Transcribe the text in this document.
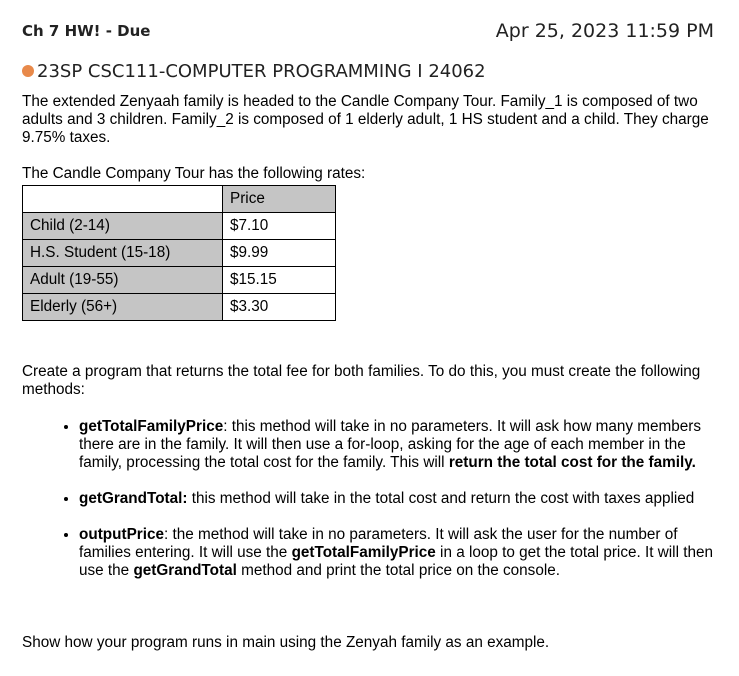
Ch 7 HW! - Due	Apr 25, 2023 11:59 PM
23SP CSC111-COMPUTER PROGRAMMING I 24062

The extended Zenyaah family is headed to the Candle Company Tour. Family_1 is composed of two adults and 3 children. Family_2 is composed of 1 elderly adult, 1 HS student and a child. They charge 9.75% taxes.

The Candle Company Tour has the following rates:

	Price
Child (2-14)	$7.10
H.S. Student (15-18)	$9.99
Adult (19-55)	$15.15
Elderly (56+)	$3.30

Create a program that returns the total fee for both families. To do this, you must create the following methods:

• getTotalFamilyPrice: this method will take in no parameters. It will ask how many members there are in the family. It will then use a for-loop, asking for the age of each member in the family, processing the total cost for the family. This will return the total cost for the family.
• getGrandTotal: this method will take in the total cost and return the cost with taxes applied
• outputPrice: the method will take in no parameters. It will ask the user for the number of families entering. It will use the getTotalFamilyPrice in a loop to get the total price. It will then use the getGrandTotal method and print the total price on the console.

Show how your program runs in main using the Zenyah family as an example.
